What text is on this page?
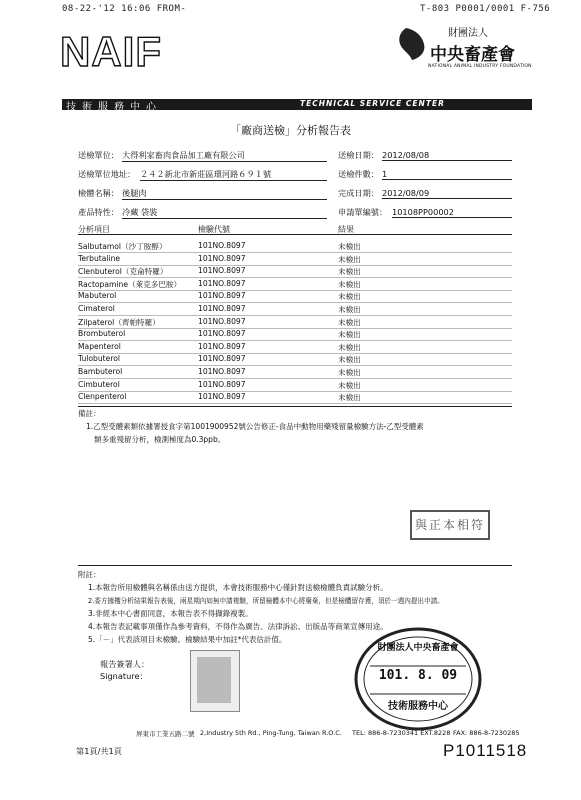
08-22-'12 16:06 FROM-	T-803 P0001/0001 F-756
NAIF	財團法人
中央畜產會
NATIONAL ANIMAL INDUSTRY FOUNDATION
技術服務中心	TECHNICAL SERVICE CENTER
「廠商送檢」分析報告表
送檢單位： 大得利家畜肉食品加工廠有限公司
送檢單位地址： ２４２新北市新莊區環河路６９１號
檢體名稱： 後腿肉
產品特性： 冷藏 袋裝
送檢日期： 2012/08/08
送檢件數： 1
完成日期： 2012/08/09
申請單編號： 10108PP00002
分析項目	檢驗代號	結果
Salbutamol（沙丁胺醇）	101NO.8097	未檢出
Terbutaline	101NO.8097	未檢出
Clenbuterol（克侖特羅）	101NO.8097	未檢出
Ractopamine（萊克多巴胺） 101NO.8097	未檢出
Mabuterol	101NO.8097	未檢出
Cimaterol	101NO.8097	未檢出
Zilpaterol（齊帕特羅）	101NO.8097	未檢出
Brombuterol	101NO.8097	未檢出
Mapenterol	101NO.8097	未檢出
Tulobuterol	101NO.8097	未檢出
Bambuterol	101NO.8097	未檢出
Cimbuterol	101NO.8097	未檢出
Clenpenterol	101NO.8097	未檢出
備註：
1.乙型受體素類依據署授食字第1001900952號公告修正-食品中動物用藥殘留量檢驗方法-乙型受體素
類多重殘留分析，檢測極度為0.3ppb。
與正本相符
附註：
1.本報告所用檢體與名稱係由送方提供，本會技術服務中心僅針對送檢檢體負責試驗分析。
2.委方據攫分析結果報告表後，兩星期內如無申請複驗，所留檢體本中心將廢棄，但是檢體留存獲，須於一週內提出申請。
3.非經本中心書面同意，本報告表不得擷錄複製。
4.本報告表記載事項僅作為參考資料，不得作為廣告、法律訴訟、出版品等商業宣傳用途。
5.「－」代表該項目未檢驗。檢驗結果中加註*代表估計值。
報告簽署人：
Signature：
財團法人中央畜產會
101. 8. 09
技術服務中心
屏東市工業五路二號 2,Industry 5th Rd., Ping-Tung, Taiwan R.O.C. TEL: 886-8-7230341 EXT.8228 FAX: 886-8-7230285
第1頁/共1頁	P1011518
